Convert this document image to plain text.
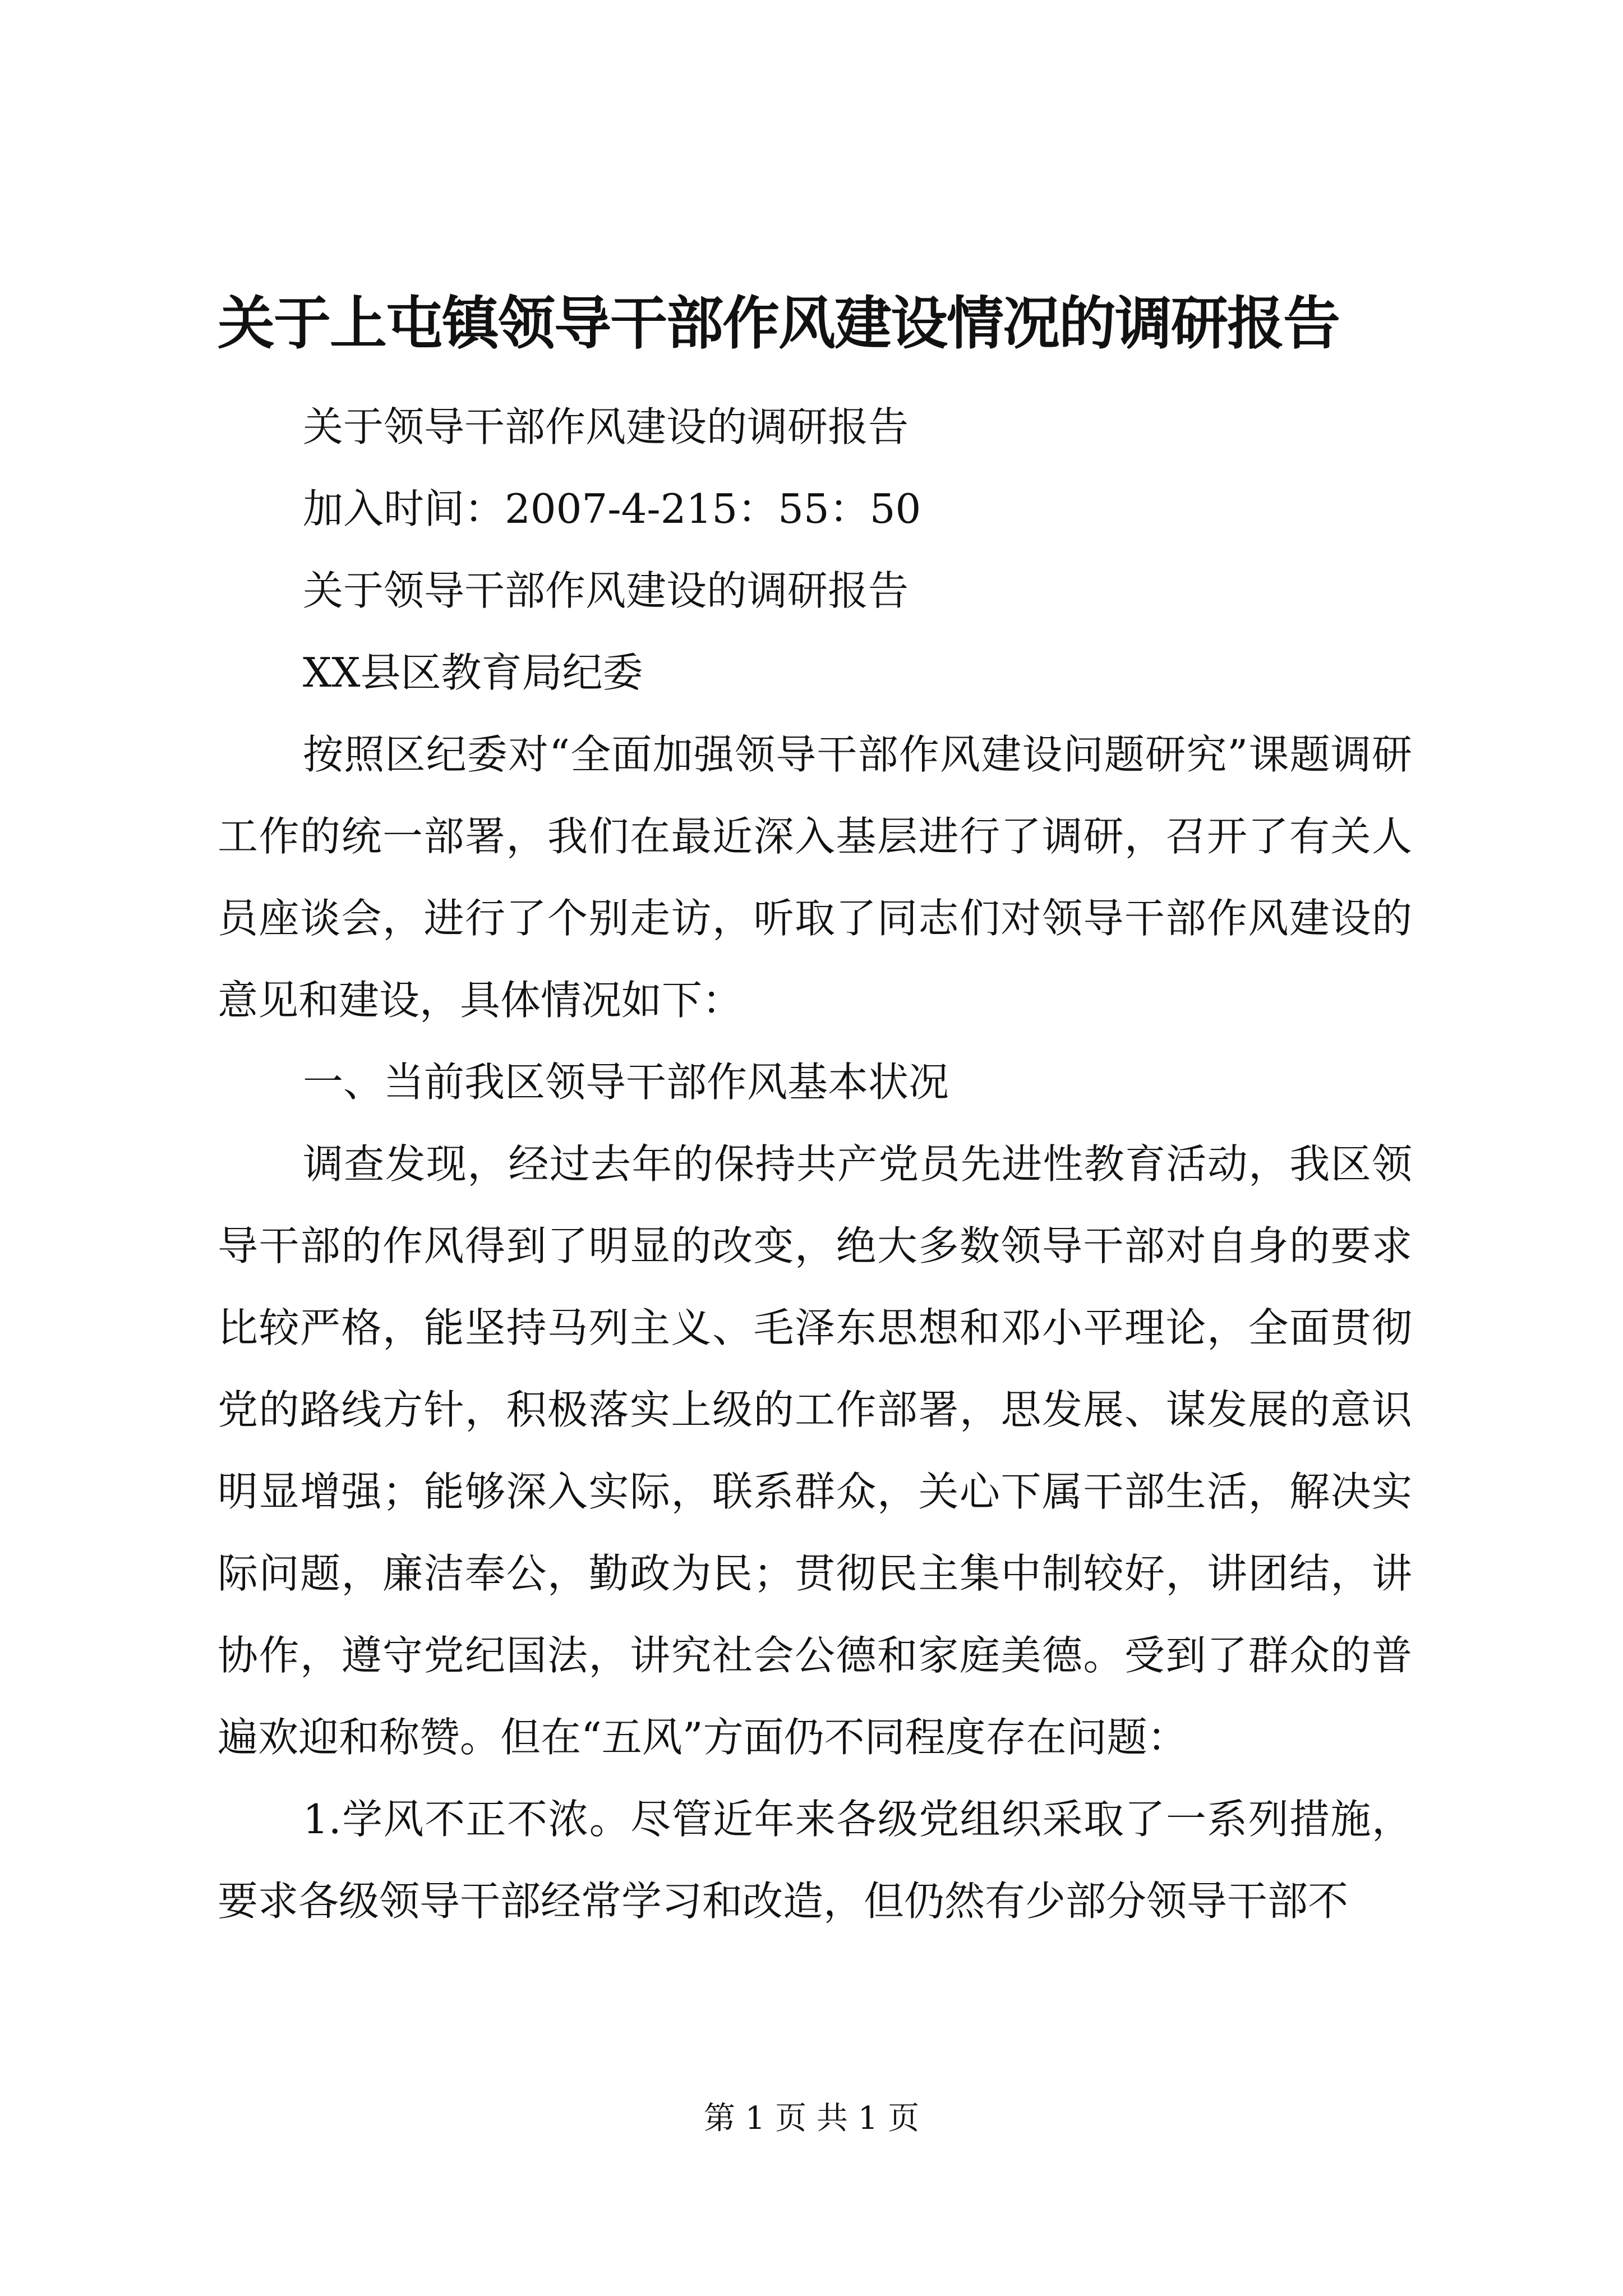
关于上屯镇领导干部作风建设情况的调研报告

关于领导干部作风建设的调研报告

加入时间：2007-4-215：55：50

关于领导干部作风建设的调研报告

XX县区教育局纪委

按照区纪委对“全面加强领导干部作风建设问题研究”课题调研工作的统一部署，我们在最近深入基层进行了调研，召开了有关人员座谈会，进行了个别走访，听取了同志们对领导干部作风建设的意见和建设，具体情况如下：

一、当前我区领导干部作风基本状况

调查发现，经过去年的保持共产党员先进性教育活动，我区领导干部的作风得到了明显的改变，绝大多数领导干部对自身的要求比较严格，能坚持马列主义、毛泽东思想和邓小平理论，全面贯彻党的路线方针，积极落实上级的工作部署，思发展、谋发展的意识明显增强；能够深入实际，联系群众，关心下属干部生活，解决实际问题，廉洁奉公，勤政为民；贯彻民主集中制较好，讲团结，讲协作，遵守党纪国法，讲究社会公德和家庭美德。受到了群众的普遍欢迎和称赞。但在“五风”方面仍不同程度存在问题：

1.学风不正不浓。尽管近年来各级党组织采取了一系列措施，要求各级领导干部经常学习和改造，但仍然有少部分领导干部不

第 1 页 共 1 页
